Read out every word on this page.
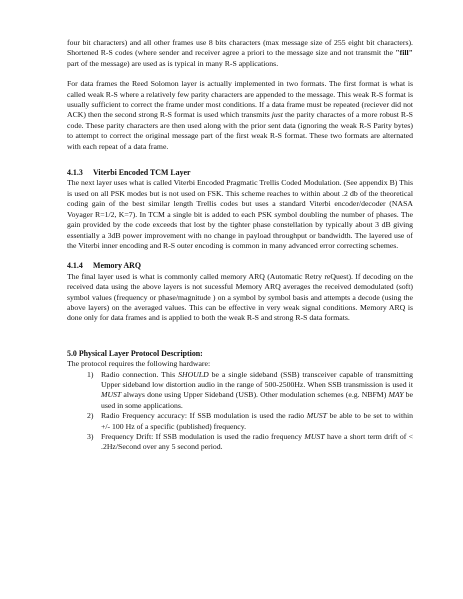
four bit characters) and all other frames use 8 bits characters (max message size of 255 eight bit characters). Shortened R-S codes (where sender and receiver agree a priori to the message size and not transmit the "fill" part of the message) are used as is typical in many R-S applications.

For data frames the Reed Solomon layer is actually implemented in two formats. The first format is what is called weak R-S where a relatively few parity characters are appended to the message. This weak R-S format is usually sufficient to correct the frame under most conditions. If a data frame must be repeated (reciever did not ACK) then the second strong R-S format is used which transmits just the parity charactes of a more robust R-S code. These parity characters are then used along with the prior sent data (ignoring the weak R-S Parity bytes) to attempt to correct the original message part of the first weak R-S format. These two formats are alternated with each repeat of a data frame.

4.1.3 Viterbi Encoded TCM Layer

The next layer uses what is called Viterbi Encoded Pragmatic Trellis Coded Modulation. (See appendix B) This is used on all PSK modes but is not used on FSK. This scheme reaches to within about .2 db of the theoretical coding gain of the best similar length Trellis codes but uses a standard Viterbi encoder/decoder (NASA Voyager R=1/2, K=7). In TCM a single bit is added to each PSK symbol doubling the number of phases. The gain provided by the code exceeds that lost by the tighter phase constellation by typically about 3 dB giving essentially a 3dB power improvement with no change in payload throughput or bandwidth. The layered use of the Viterbi inner encoding and R-S outer encoding is common in many advanced error correcting schemes.

4.1.4 Memory ARQ

The final layer used is what is commonly called memory ARQ (Automatic Retry reQuest). If decoding on the received data using the above layers is not sucessful Memory ARQ averages the received demodulated (soft) symbol values (frequency or phase/magnitude ) on a symbol by symbol basis and attempts a decode (using the above layers) on the averaged values. This can be effective in very weak signal conditions. Memory ARQ is done only for data frames and is applied to both the weak R-S and strong R-S data formats.

5.0 Physical Layer Protocol Description:

The protocol requires the following hardware:

1) Radio connection. This SHOULD be a single sideband (SSB) transceiver capable of transmitting Upper sideband low distortion audio in the range of 500-2500Hz. When SSB transmission is used it MUST always done using Upper Sideband (USB). Other modulation schemes (e.g. NBFM) MAY be used in some applications.

2) Radio Frequency accuracy: If SSB modulation is used the radio MUST be able to be set to within +/- 100 Hz of a specific (published) frequency.

3) Frequency Drift: If SSB modulation is used the radio frequency MUST have a short term drift of < .2Hz/Second over any 5 second period.
